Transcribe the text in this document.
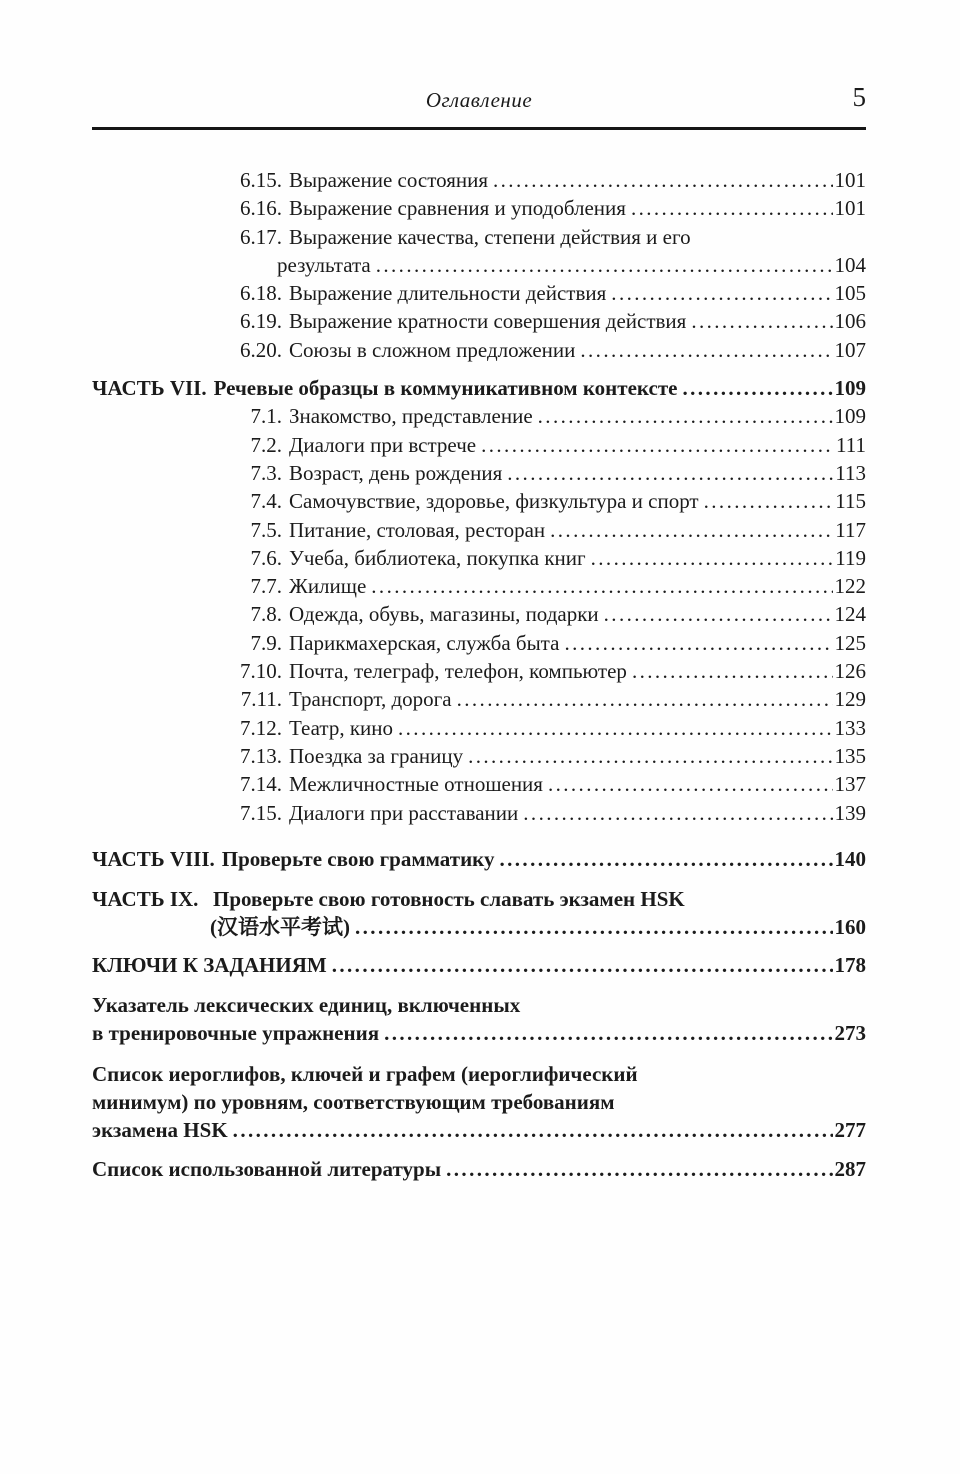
Оглавление	5
6.15. Выражение состояния .....	101
6.16. Выражение сравнения и уподобления .....	101
6.17. Выражение качества, степени действия и его
результата .....	104
6.18. Выражение длительности действия .....	105
6.19. Выражение кратности совершения действия .....	106
6.20. Союзы в сложном предложении .....	107
ЧАСТЬ VII. Речевые образцы в коммуникативном контексте .....	109
7.1. Знакомство, представление .....	109
7.2. Диалоги при встрече .....	111
7.3. Возраст, день рождения .....	113
7.4. Самочувствие, здоровье, физкультура и спорт .....	115
7.5. Питание, столовая, ресторан .....	117
7.6. Учеба, библиотека, покупка книг .....	119
7.7. Жилище .....	122
7.8. Одежда, обувь, магазины, подарки .....	124
7.9. Парикмахерская, служба быта .....	125
7.10. Почта, телеграф, телефон, компьютер .....	126
7.11. Транспорт, дорога .....	129
7.12. Театр, кино .....	133
7.13. Поездка за границу .....	135
7.14. Межличностные отношения .....	137
7.15. Диалоги при расставании .....	139
ЧАСТЬ VIII. Проверьте свою грамматику .....	140
ЧАСТЬ IX. Проверьте свою готовность славать экзамен HSK
(汉语水平考试) .....	160
КЛЮЧИ К ЗАДАНИЯМ .....	178
Указатель лексических единиц, включенных
в тренировочные упражнения .....	273
Список иероглифов, ключей и графем (иероглифический
минимум) по уровням, соответствующим требованиям
экзамена HSK .....	277
Список использованной литературы .....	287
